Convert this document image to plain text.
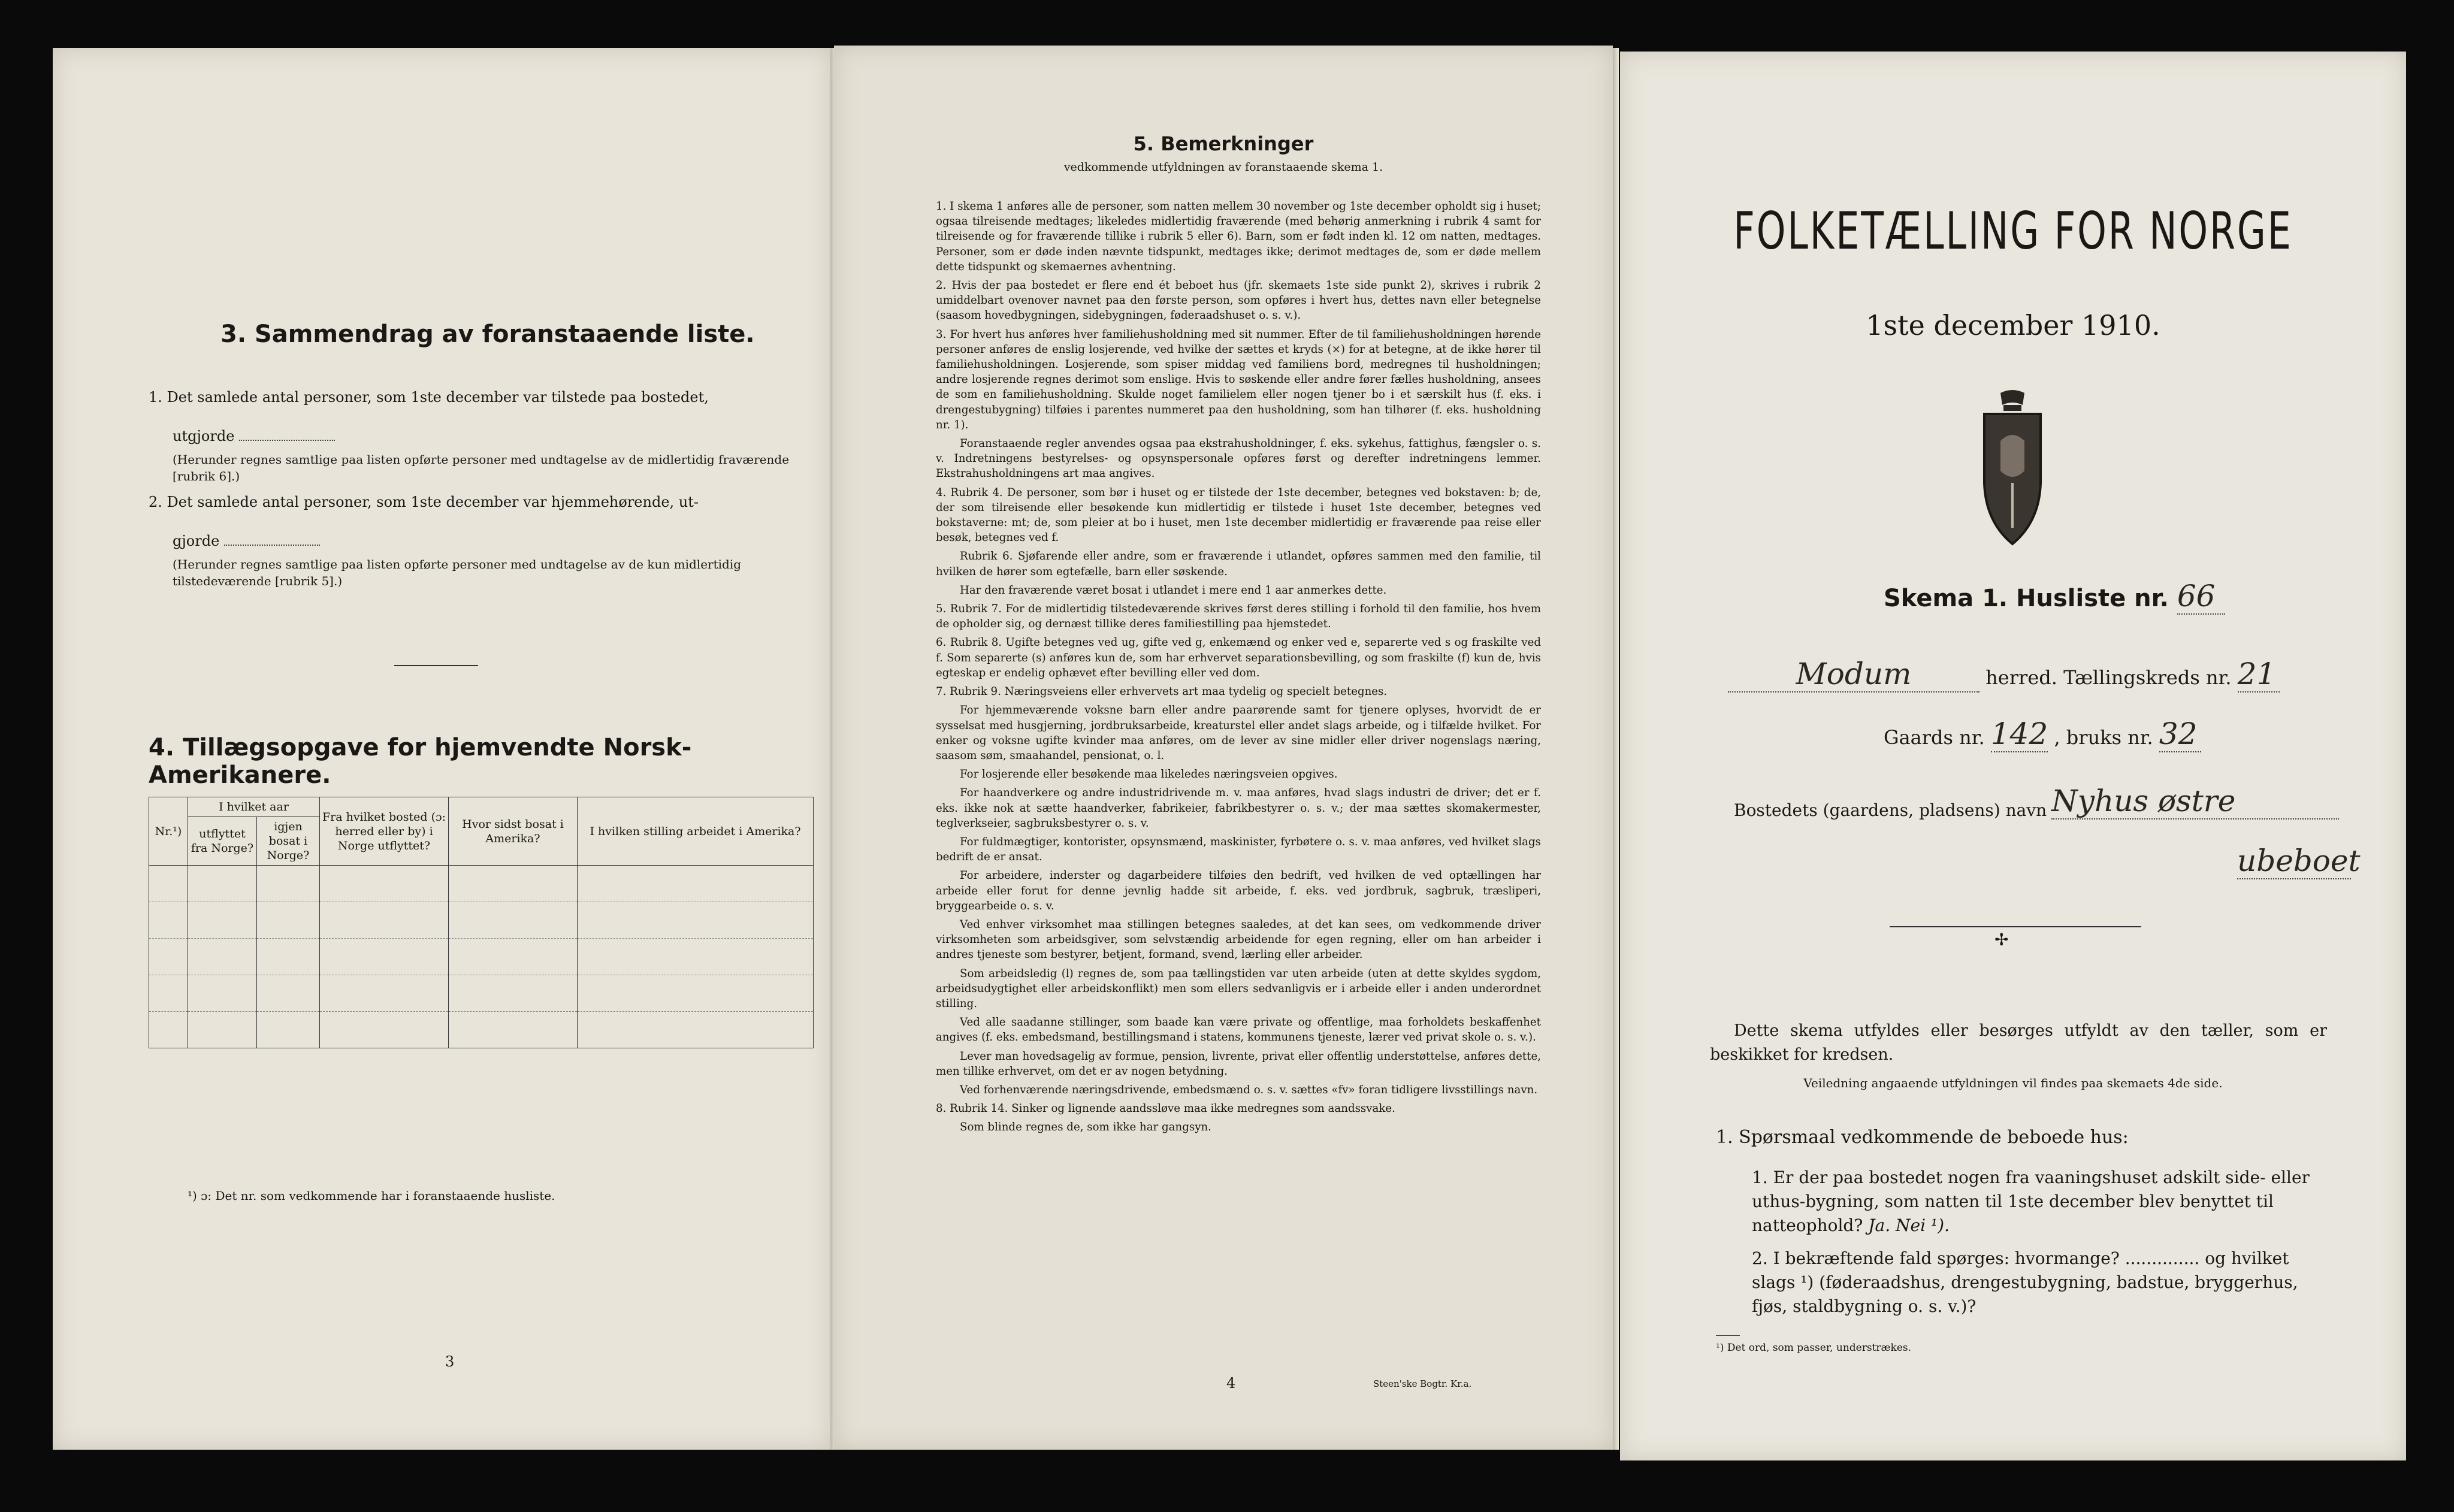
3. Sammendrag av foranstaaende liste.
1. Det samlede antal personer, som 1ste december var tilstede paa bostedet,
utgjorde
(Herunder regnes samtlige paa listen opførte personer med undtagelse av de midlertidig fraværende [rubrik 6].)
2. Det samlede antal personer, som 1ste december var hjemmehørende, ut-
gjorde
(Herunder regnes samtlige paa listen opførte personer med undtagelse av de kun midlertidig tilstedeværende [rubrik 5].)
4. Tillægsopgave for hjemvendte Norsk-Amerikanere.
Nr.¹)	I hvilket aar		Fra hvilket bosted (ɔ: herred eller by) i Norge utflyttet?	Hvor sidst bosat i Amerika?	I hvilken stilling arbeidet i Amerika?
	utflyttet fra Norge?	igjen bosat i Norge?			

¹) ɔ: Det nr. som vedkommende har i foranstaaende husliste.
3
5. Bemerkninger
vedkommende utfyldningen av foranstaaende skema 1.

1. I skema 1 anføres alle de personer, som natten mellem 30 november og 1ste december opholdt sig i huset; ogsaa tilreisende medtages; likeledes midlertidig fraværende (med behørig anmerkning i rubrik 4 samt for tilreisende og for fraværende tillike i rubrik 5 eller 6). Barn, som er født inden kl. 12 om natten, medtages. Personer, som er døde inden nævnte tidspunkt, medtages ikke; derimot medtages de, som er døde mellem dette tidspunkt og skemaernes avhentning.

2. Hvis der paa bostedet er flere end ét beboet hus (jfr. skemaets 1ste side punkt 2), skrives i rubrik 2 umiddelbart ovenover navnet paa den første person, som opføres i hvert hus, dettes navn eller betegnelse (saasom hovedbygningen, sidebygningen, føderaadshuset o. s. v.).

3. For hvert hus anføres hver familiehusholdning med sit nummer. Efter de til familiehusholdningen hørende personer anføres de enslig losjerende, ved hvilke der sættes et kryds (×) for at betegne, at de ikke hører til familiehusholdningen. Losjerende, som spiser middag ved familiens bord, medregnes til husholdningen; andre losjerende regnes derimot som enslige. Hvis to søskende eller andre fører fælles husholdning, ansees de som en familiehusholdning. Skulde noget familielem eller nogen tjener bo i et særskilt hus (f. eks. i drengestubygning) tilføies i parentes nummeret paa den husholdning, som han tilhører (f. eks. husholdning nr. 1).

Foranstaaende regler anvendes ogsaa paa ekstrahusholdninger, f. eks. sykehus, fattighus, fængsler o. s. v. Indretningens bestyrelses- og opsynspersonale opføres først og derefter indretningens lemmer. Ekstrahusholdningens art maa angives.

4. Rubrik 4. De personer, som bør i huset og er tilstede der 1ste december, betegnes ved bokstaven: b; de, der som tilreisende eller besøkende kun midlertidig er tilstede i huset 1ste december, betegnes ved bokstaverne: mt; de, som pleier at bo i huset, men 1ste december midlertidig er fraværende paa reise eller besøk, betegnes ved f.

Rubrik 6. Sjøfarende eller andre, som er fraværende i utlandet, opføres sammen med den familie, til hvilken de hører som egtefælle, barn eller søskende.

Har den fraværende været bosat i utlandet i mere end 1 aar anmerkes dette.

5. Rubrik 7. For de midlertidig tilstedeværende skrives først deres stilling i forhold til den familie, hos hvem de opholder sig, og dernæst tillike deres familiestilling paa hjemstedet.

6. Rubrik 8. Ugifte betegnes ved ug, gifte ved g, enkemænd og enker ved e, separerte ved s og fraskilte ved f. Som separerte (s) anføres kun de, som har erhvervet separationsbevilling, og som fraskilte (f) kun de, hvis egteskap er endelig ophævet efter bevilling eller ved dom.

7. Rubrik 9. Næringsveiens eller erhvervets art maa tydelig og specielt betegnes.

For hjemmeværende voksne barn eller andre paarørende samt for tjenere oplyses, hvorvidt de er sysselsat med husgjerning, jordbruksarbeide, kreaturstel eller andet slags arbeide, og i tilfælde hvilket. For enker og voksne ugifte kvinder maa anføres, om de lever av sine midler eller driver nogenslags næring, saasom søm, smaahandel, pensionat, o. l.

For losjerende eller besøkende maa likeledes næringsveien opgives.

For haandverkere og andre industridrivende m. v. maa anføres, hvad slags industri de driver; det er f. eks. ikke nok at sætte haandverker, fabrikeier, fabrikbestyrer o. s. v.; der maa sættes skomakermester, teglverkseier, sagbruksbestyrer o. s. v.

For fuldmægtiger, kontorister, opsynsmænd, maskinister, fyrbøtere o. s. v. maa anføres, ved hvilket slags bedrift de er ansat.

For arbeidere, inderster og dagarbeidere tilføies den bedrift, ved hvilken de ved optællingen har arbeide eller forut for denne jevnlig hadde sit arbeide, f. eks. ved jordbruk, sagbruk, træsliperi, bryggearbeide o. s. v.

Ved enhver virksomhet maa stillingen betegnes saaledes, at det kan sees, om vedkommende driver virksomheten som arbeidsgiver, som selvstændig arbeidende for egen regning, eller om han arbeider i andres tjeneste som bestyrer, betjent, formand, svend, lærling eller arbeider.

Som arbeidsledig (l) regnes de, som paa tællingstiden var uten arbeide (uten at dette skyldes sygdom, arbeidsudygtighet eller arbeidskonflikt) men som ellers sedvanligvis er i arbeide eller i anden underordnet stilling.

Ved alle saadanne stillinger, som baade kan være private og offentlige, maa forholdets beskaffenhet angives (f. eks. embedsmand, bestillingsmand i statens, kommunens tjeneste, lærer ved privat skole o. s. v.).

Lever man hovedsagelig av formue, pension, livrente, privat eller offentlig understøttelse, anføres dette, men tillike erhvervet, om det er av nogen betydning.

Ved forhenværende næringsdrivende, embedsmænd o. s. v. sættes «fv» foran tidligere livsstillings navn.

8. Rubrik 14. Sinker og lignende aandssløve maa ikke medregnes som aandssvake.

Som blinde regnes de, som ikke har gangsyn.

4	Steen'ske Bogtr. Kr.a.
FOLKETÆLLING FOR NORGE
1ste december 1910.
Skema 1. Husliste nr. 66
Modum	herred. Tællingskreds nr. 21
Gaards nr. 142 , bruks nr. 32
Bostedets (gaardens, pladsens) navn Nyhus østre
ubeboet
✢
Dette skema utfyldes eller besørges utfyldt av den tæller, som er beskikket for kredsen.
Veiledning angaaende utfyldningen vil findes paa skemaets 4de side.
1. Spørsmaal vedkommende de beboede hus:
1. Er der paa bostedet nogen fra vaaningshuset adskilt side- eller uthus-bygning, som natten til 1ste december blev benyttet til natteophold? Ja. Nei ¹).
2. I bekræftende fald spørges: hvormange? .............. og hvilket slags ¹) (føderaadshus, drengestubygning, badstue, bryggerhus, fjøs, staldbygning o. s. v.)?
¹) Det ord, som passer, understrækes.
